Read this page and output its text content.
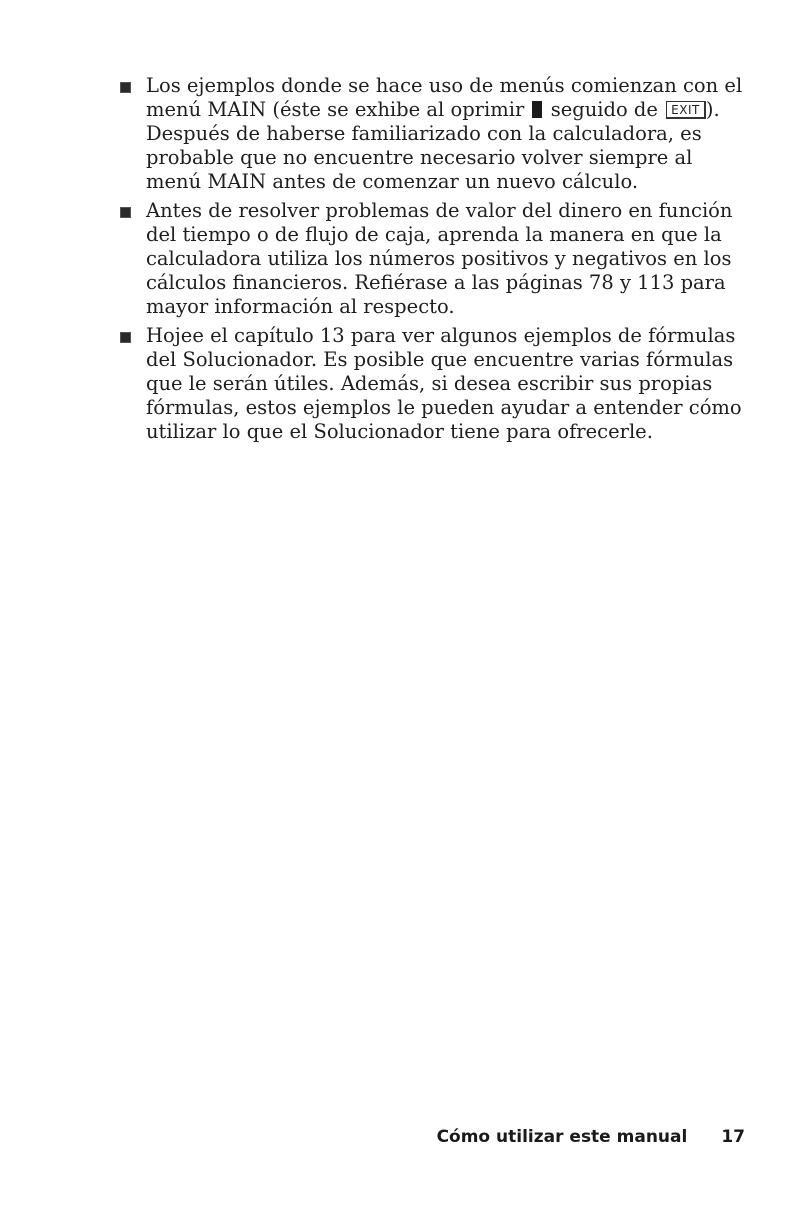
Los ejemplos donde se hace uso de menús comienzan con el menú MAIN (éste se exhibe al oprimir seguido de EXIT ). Después de haberse familiarizado con la calculadora, es probable que no encuentre necesario volver siempre al menú MAIN antes de comenzar un nuevo cálculo.
Antes de resolver problemas de valor del dinero en función del tiempo o de flujo de caja, aprenda la manera en que la calculadora utiliza los números positivos y negativos en los cálculos financieros. Refiérase a las páginas 78 y 113 para mayor información al respecto.
Hojee el capítulo 13 para ver algunos ejemplos de fórmulas del Solucionador. Es posible que encuentre varias fórmulas que le serán útiles. Además, si desea escribir sus propias fórmulas, estos ejemplos le pueden ayudar a entender cómo utilizar lo que el Solucionador tiene para ofrecerle.
Cómo utilizar este manual 17
